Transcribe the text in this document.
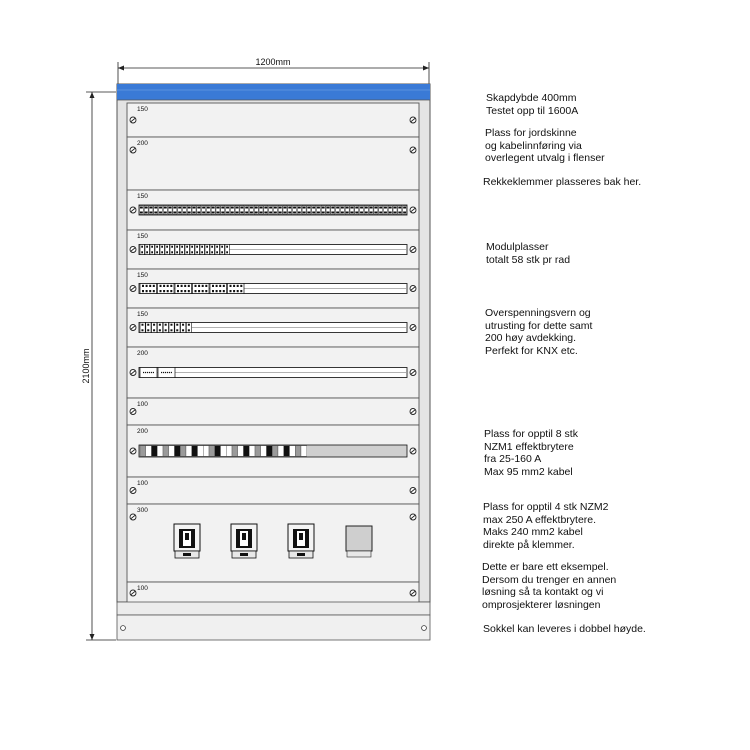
1200mm
2100mm
150
200
150
150
150
150
200
100
200
100
300
100
Skapdybde 400mm
Testet opp til 1600A
Plass for jordskinne
og kabelinnføring via
overlegent utvalg i flenser
Rekkeklemmer plasseres bak her.
Modulplasser
totalt 58 stk pr rad
Overspenningsvern og
utrusting for dette samt
200 høy avdekking.
Perfekt for KNX etc.
Plass for opptil 8 stk
NZM1 effektbrytere
fra 25-160 A
Max 95 mm2 kabel
Plass for opptil 4 stk NZM2
max 250 A effektbrytere.
Maks 240 mm2 kabel
direkte på klemmer.
Dette er bare ett eksempel.
Dersom du trenger en annen
løsning så ta kontakt og vi
omprosjekterer løsningen
Sokkel kan leveres i dobbel høyde.
